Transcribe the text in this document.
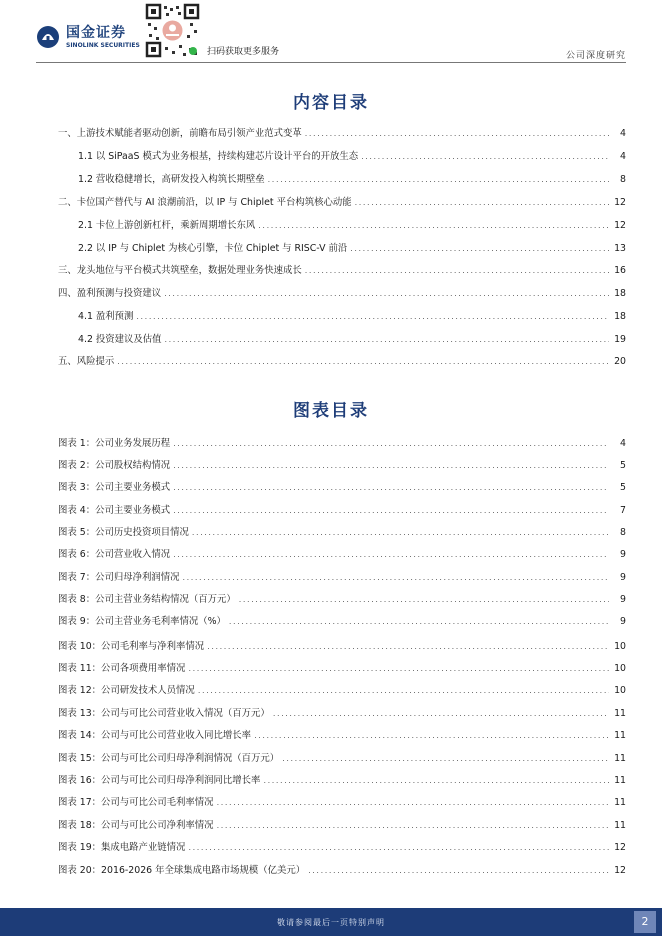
国金证券
SINOLINK SECURITIES
扫码获取更多服务	公司深度研究
内容目录
一、上游技术赋能者驱动创新，前瞻布局引领产业范式变革 .....	4
1.1 以 SiPaaS 模式为业务根基，持续构建芯片设计平台的开放生态 .....	4
1.2 营收稳健增长，高研发投入构筑长期壁垒 .....	8
二、卡位国产替代与 AI 浪潮前沿，以 IP 与 Chiplet 平台构筑核心动能 .....	12
2.1 卡位上游创新杠杆，乘新周期增长东风 .....	12
2.2 以 IP 与 Chiplet 为核心引擎，卡位 Chiplet 与 RISC-V 前沿 .....	13
三、龙头地位与平台模式共筑壁垒，数据处理业务快速成长 .....	16
四、盈利预测与投资建议 .....	18
4.1 盈利预测 .....	18
4.2 投资建议及估值 .....	19
五、风险提示 .....	20
图表目录
图表 1： 公司业务发展历程 .....	4
图表 2： 公司股权结构情况 .....	5
图表 3： 公司主要业务模式 .....	5
图表 4： 公司主要业务模式 .....	7
图表 5： 公司历史投资项目情况 .....	8
图表 6： 公司营业收入情况 .....	9
图表 7： 公司归母净利润情况 .....	9
图表 8： 公司主营业务结构情况（百万元） .....	9
图表 9： 公司主营业务毛利率情况（%） .....	9
图表 10： 公司毛利率与净利率情况 .....	10
图表 11： 公司各项费用率情况 .....	10
图表 12： 公司研发技术人员情况 .....	10
图表 13： 公司与可比公司营业收入情况（百万元） .....	11
图表 14： 公司与可比公司营业收入同比增长率 .....	11
图表 15： 公司与可比公司归母净利润情况（百万元） .....	11
图表 16： 公司与可比公司归母净利润同比增长率 .....	11
图表 17： 公司与可比公司毛利率情况 .....	11
图表 18： 公司与可比公司净利率情况 .....	11
图表 19： 集成电路产业链情况 .....	12
图表 20： 2016-2026 年全球集成电路市场规模（亿美元） .....	12
敬请参阅最后一页特别声明	2
